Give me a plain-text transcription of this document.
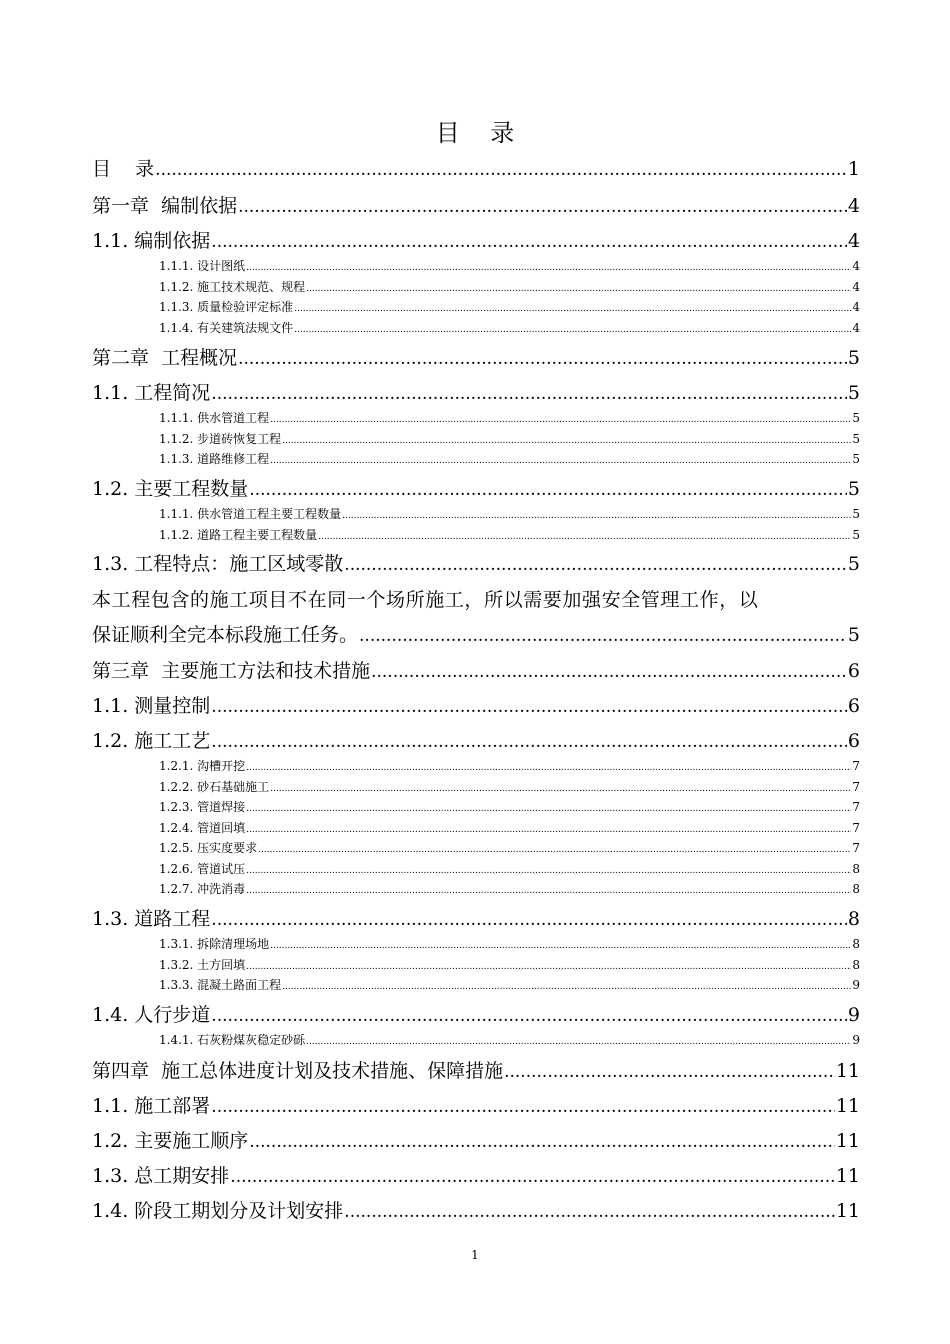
目    录
1
目    录 .....	1
第一章  编制依据 .....	4
1.1. 编制依据 .....	4
1.1.1. 设计图纸 .....	4
1.1.2. 施工技术规范、规程 .....	4
1.1.3. 质量检验评定标准 .....	4
1.1.4. 有关建筑法规文件 .....	4
第二章  工程概况 .....	5
1.1. 工程简况 .....	5
1.1.1. 供水管道工程 .....	5
1.1.2. 步道砖恢复工程 .....	5
1.1.3. 道路维修工程 .....	5
1.2. 主要工程数量 .....	5
1.1.1. 供水管道工程主要工程数量 .....	5
1.1.2. 道路工程主要工程数量 .....	5
1.3. 工程特点：施工区域零散 .....	5
本工程包含的施工项目不在同一个场所施工，所以需要加强安全管理工作，以
保证顺利全完本标段施工任务。 .....	5
第三章  主要施工方法和技术措施 .....	6
1.1. 测量控制 .....	6
1.2. 施工工艺 .....	6
1.2.1. 沟槽开挖 .....	7
1.2.2. 砂石基础施工 .....	7
1.2.3. 管道焊接 .....	7
1.2.4. 管道回填 .....	7
1.2.5. 压实度要求 .....	7
1.2.6. 管道试压 .....	8
1.2.7. 冲洗消毒 .....	8
1.3. 道路工程 .....	8
1.3.1. 拆除清理场地 .....	8
1.3.2. 土方回填 .....	8
1.3.3. 混凝土路面工程 .....	9
1.4. 人行步道 .....	9
1.4.1. 石灰粉煤灰稳定砂砾 .....	9
第四章  施工总体进度计划及技术措施、保障措施 .....	11
1.1. 施工部署 .....	11
1.2. 主要施工顺序 .....	11
1.3. 总工期安排 .....	11
1.4. 阶段工期划分及计划安排 .....	11
